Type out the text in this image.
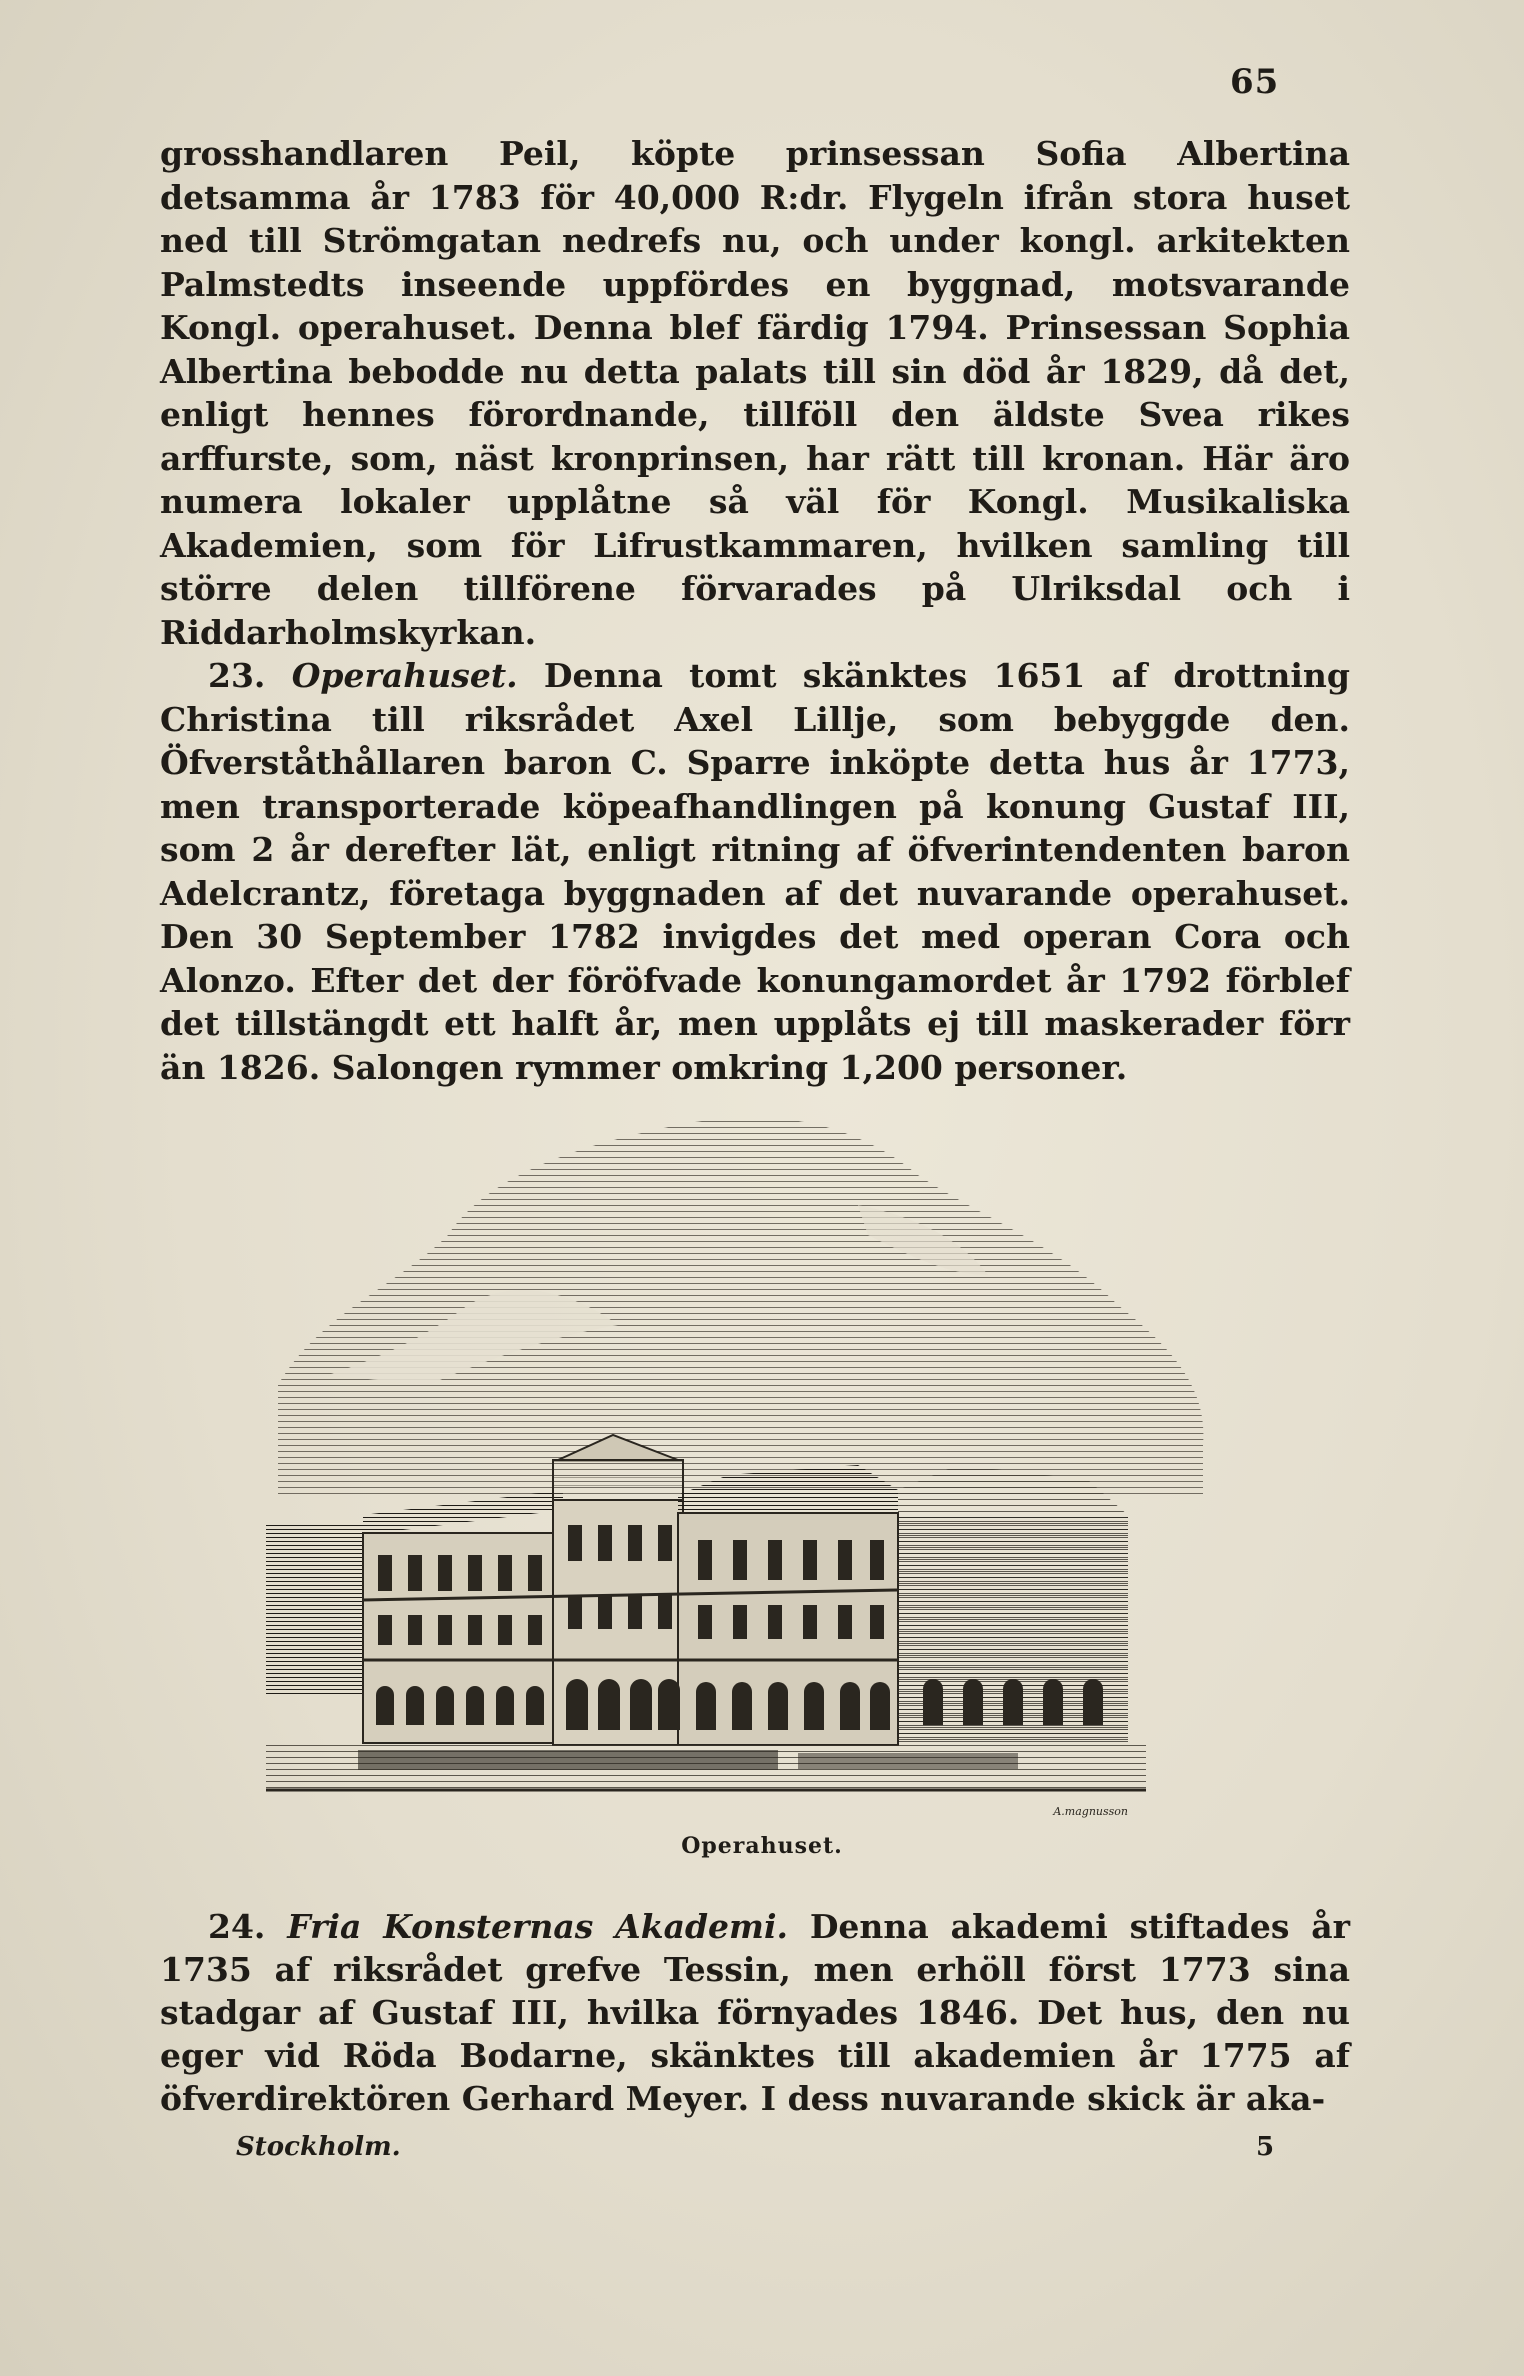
65

grosshandlaren Peil, köpte prinsessan Sofia Albertina detsamma år 1783 för 40,000 R:dr. Flygeln ifrån stora huset ned till Strömgatan nedrefs nu, och under kongl. arkitekten Palmstedts inseende uppfördes en byggnad, motsvarande Kongl. operahuset. Denna blef färdig 1794. Prinsessan Sophia Albertina bebodde nu detta palats till sin död år 1829, då det, enligt hennes förordnande, tillföll den äldste Svea rikes arffurste, som, näst kronprinsen, har rätt till kronan. Här äro numera lokaler upplåtne så väl för Kongl. Musikaliska Akademien, som för Lifrustkammaren, hvilken samling till större delen tillförene förvarades på Ulriksdal och i Riddarholmskyrkan.

23. Operahuset. Denna tomt skänktes 1651 af drottning Christina till riksrådet Axel Lillje, som bebyggde den. Öfverståthållaren baron C. Sparre inköpte detta hus år 1773, men transporterade köpeafhandlingen på konung Gustaf III, som 2 år derefter lät, enligt ritning af öfverintendenten baron Adelcrantz, företaga byggnaden af det nuvarande operahuset. Den 30 September 1782 invigdes det med operan Cora och Alonzo. Efter det der föröfvade konungamordet år 1792 förblef det tillstängdt ett halft år, men upplåts ej till maskerader förr än 1826. Salongen rymmer omkring 1,200 personer.

A.magnusson
Operahuset.

24. Fria Konsternas Akademi. Denna akademi stiftades år 1735 af riksrådet grefve Tessin, men erhöll först 1773 sina stadgar af Gustaf III, hvilka förnyades 1846. Det hus, den nu eger vid Röda Bodarne, skänktes till akademien år 1775 af öfverdirektören Gerhard Meyer. I dess nuvarande skick är aka-

Stockholm.	5
